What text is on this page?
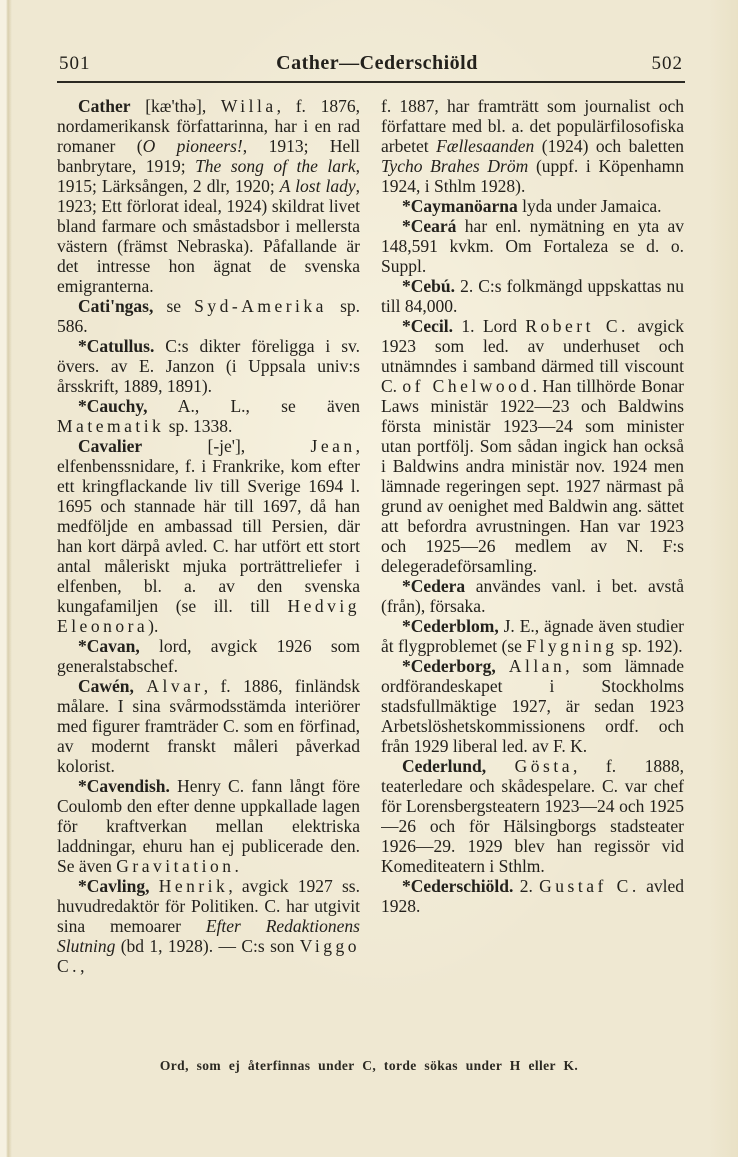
501	Cather—Cederschiöld	502

Cather [kæ'thə], Willa, f. 1876, nordamerikansk författarinna, har i en rad romaner (O pioneers!, 1913; Hell banbrytare, 1919; The song of the lark, 1915; Lärksången, 2 dlr, 1920; A lost lady, 1923; Ett förlorat ideal, 1924) skildrat livet bland farmare och småstadsbor i mellersta västern (främst Nebraska). Påfallande är det intresse hon ägnat de svenska emigranterna.

Cati'ngas, se Syd-Amerika sp. 586.

*Catullus. C:s dikter föreligga i sv. övers. av E. Janzon (i Uppsala univ:s årsskrift, 1889, 1891).

*Cauchy, A., L., se även Matematik sp. 1338.

Cavalier [-je'], Jean, elfenbenssnidare, f. i Frankrike, kom efter ett kringflackande liv till Sverige 1694 l. 1695 och stannade här till 1697, då han medföljde en ambassad till Persien, där han kort därpå avled. C. har utfört ett stort antal måleriskt mjuka porträttreliefer i elfenben, bl. a. av den svenska kungafamiljen (se ill. till Hedvig Eleonora).

*Cavan, lord, avgick 1926 som generalstabschef.

Cawén, Alvar, f. 1886, finländsk målare. I sina svårmodsstämda interiörer med figurer framträder C. som en förfinad, av modernt franskt måleri påverkad kolorist.

*Cavendish. Henry C. fann långt före Coulomb den efter denne uppkallade lagen för kraftverkan mellan elektriska laddningar, ehuru han ej publicerade den. Se även Gravitation.

*Cavling, Henrik, avgick 1927 ss. huvudredaktör för Politiken. C. har utgivit sina memoarer Efter Redaktionens Slutning (bd 1, 1928). — C:s son Viggo C.,

f. 1887, har framträtt som journalist och författare med bl. a. det populärfilosofiska arbetet Fællesaanden (1924) och baletten Tycho Brahes Dröm (uppf. i Köpenhamn 1924, i Sthlm 1928).

*Caymanöarna lyda under Jamaica.

*Ceará har enl. nymätning en yta av 148,591 kvkm. Om Fortaleza se d. o. Suppl.

*Cebú. 2. C:s folkmängd uppskattas nu till 84,000.

*Cecil. 1. Lord Robert C. avgick 1923 som led. av underhuset och utnämndes i samband därmed till viscount C. of Chelwood. Han tillhörde Bonar Laws ministär 1922—23 och Baldwins första ministär 1923—24 som minister utan portfölj. Som sådan ingick han också i Baldwins andra ministär nov. 1924 men lämnade regeringen sept. 1927 närmast på grund av oenighet med Baldwin ang. sättet att befordra avrustningen. Han var 1923 och 1925—26 medlem av N. F:s delegeradeförsamling.

*Cedera användes vanl. i bet. avstå (från), försaka.

*Cederblom, J. E., ägnade även studier åt flygproblemet (se Flygning sp. 192).

*Cederborg, Allan, som lämnade ordförandeskapet i Stockholms stadsfullmäktige 1927, är sedan 1923 Arbetslöshetskommissionens ordf. och från 1929 liberal led. av F. K.

Cederlund, Gösta, f. 1888, teaterledare och skådespelare. C. var chef för Lorensbergsteatern 1923—24 och 1925—26 och för Hälsingborgs stadsteater 1926—29. 1929 blev han regissör vid Komediteatern i Sthlm.

*Cederschiöld. 2. Gustaf C. avled 1928.

Ord, som ej återfinnas under C, torde sökas under H eller K.
